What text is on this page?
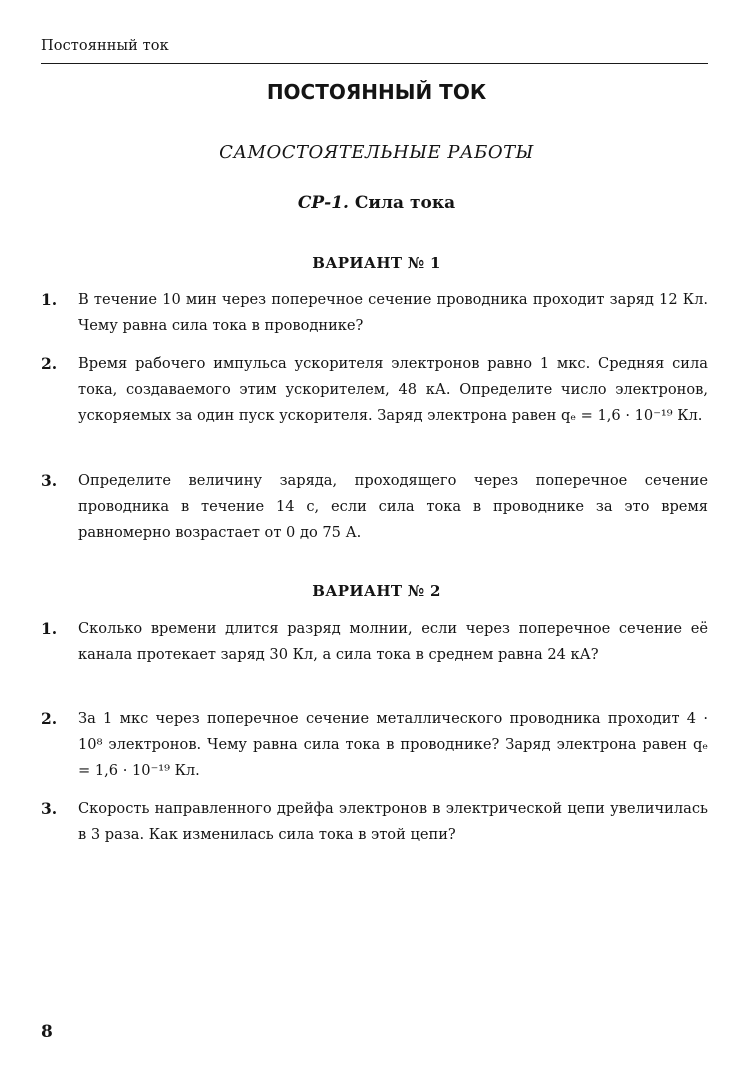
Постоянный ток
ПОСТОЯННЫЙ ТОК
САМОСТОЯТЕЛЬНЫЕ РАБОТЫ
СР-1. Сила тока
ВАРИАНТ № 1
1. В течение 10 мин через поперечное сечение проводника проходит заряд 12 Кл. Чему равна сила тока в проводнике?
2. Время рабочего импульса ускорителя электронов равно 1 мкс. Средняя сила тока, создаваемого этим ускорителем, 48 кА. Определите число электронов, ускоряемых за один пуск ускорителя. Заряд электрона равен qₑ = 1,6 · 10⁻¹⁹ Кл.
3. Определите величину заряда, проходящего через поперечное сечение проводника в течение 14 с, если сила тока в проводнике за это время равномерно возрастает от 0 до 75 А.
ВАРИАНТ № 2
1. Сколько времени длится разряд молнии, если через поперечное сечение её канала протекает заряд 30 Кл, а сила тока в среднем равна 24 кА?
2. За 1 мкс через поперечное сечение металлического проводника проходит 4 · 10⁸ электронов. Чему равна сила тока в проводнике? Заряд электрона равен qₑ = 1,6 · 10⁻¹⁹ Кл.
3. Скорость направленного дрейфа электронов в электрической цепи увеличилась в 3 раза. Как изменилась сила тока в этой цепи?
8
